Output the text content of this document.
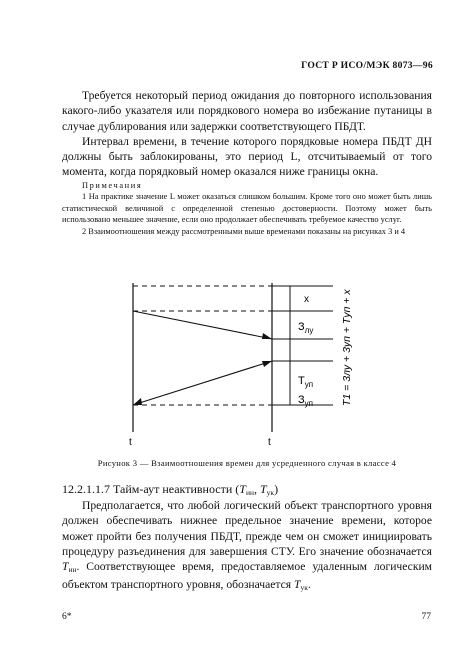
ГОСТ Р ИСО/МЭК 8073—96

Требуется некоторый период ожидания до повторного использования какого-либо указателя или порядкового номера во избежание путаницы в случае дублирования или задержки соответствующего ПБДТ.

Интервал времени, в течение которого порядковые номера ПБДТ ДН должны быть заблокированы, это период L, отсчитываемый от того момента, когда порядковый номер оказался ниже границы окна.

Примечания

1 На практике значение L может оказаться слишком большим. Кроме того оно может быть лишь статистической величиной с определенной степенью достоверности. Поэтому может быть использовано меньшее значение, если оно продолжает обеспечивать требуемое качество услуг.

2 Взаимоотношения между рассмотренными выше временами показаны на рисунках 3 и 4

x
$З_{лу}$
$Т_{уп}$
$З_{уп}$	T1 = 3лу + 3уп + Tуп + x
t	t
Рисунок 3 — Взаимоотношения времен для усредненного случая в классе 4
12.2.1.1.7 Тайм-аут неактивности ($T_{ин}$, $T_{ук}$)

Предполагается, что любой логический объект транспортного уровня должен обеспечивать нижнее предельное значение времени, которое может пройти без получения ПБДТ, прежде чем он сможет инициировать процедуру разъединения для завершения СТУ. Его значение обозначается $T_{ин}$. Соответствующее время, предоставляемое удаленным логическим объектом транспортного уровня, обозначается $T_{ук}$.

6*	77
